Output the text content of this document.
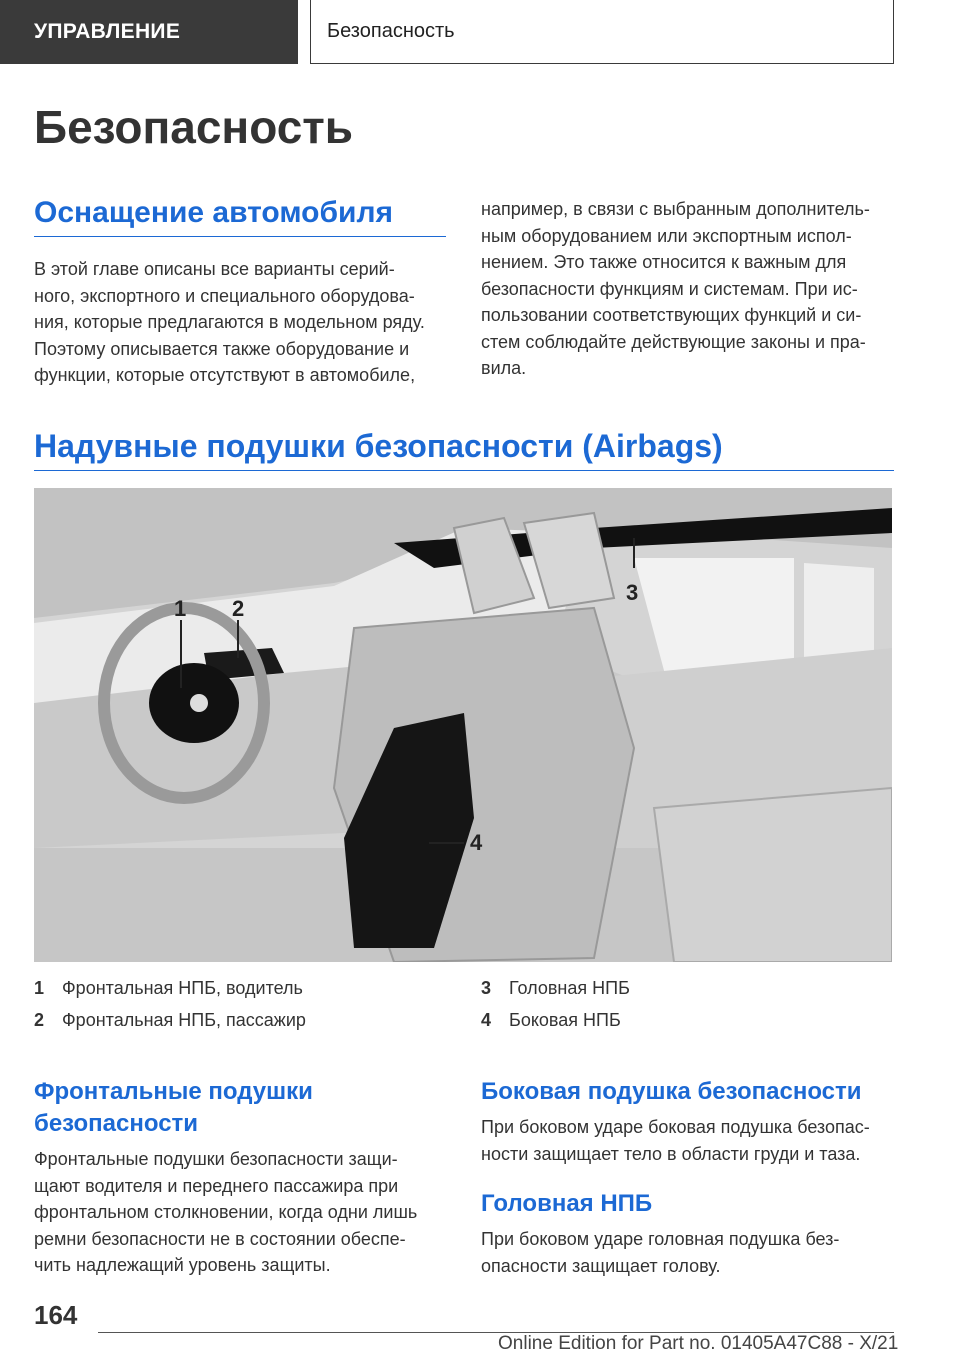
УПРАВЛЕНИЕ	Безопасность
Безопасность
Оснащение автомобиля
В этой главе описаны все варианты серий-
ного, экспортного и специального оборудова-
ния, которые предлагаются в модельном ряду.
Поэтому описывается также оборудование и
функции, которые отсутствуют в автомобиле,
например, в связи с выбранным дополнитель-
ным оборудованием или экспортным испол-
нением. Это также относится к важным для
безопасности функциям и системам. При ис-
пользовании соответствующих функций и си-
стем соблюдайте действующие законы и пра-
вила.
Надувные подушки безопасности (Airbags)
1 2
3
4
1 Фронтальная НПБ, водитель
2 Фронтальная НПБ, пассажир
3 Головная НПБ
4 Боковая НПБ
Фронтальные подушки
безопасности
Фронтальные подушки безопасности защи-
щают водителя и переднего пассажира при
фронтальном столкновении, когда одни лишь
ремни безопасности не в состоянии обеспе-
чить надлежащий уровень защиты.
Боковая подушка безопасности
При боковом ударе боковая подушка безопас-
ности защищает тело в области груди и таза.
Головная НПБ
При боковом ударе головная подушка без-
опасности защищает голову.
164
Online Edition for Part no. 01405A47C88 - X/21
